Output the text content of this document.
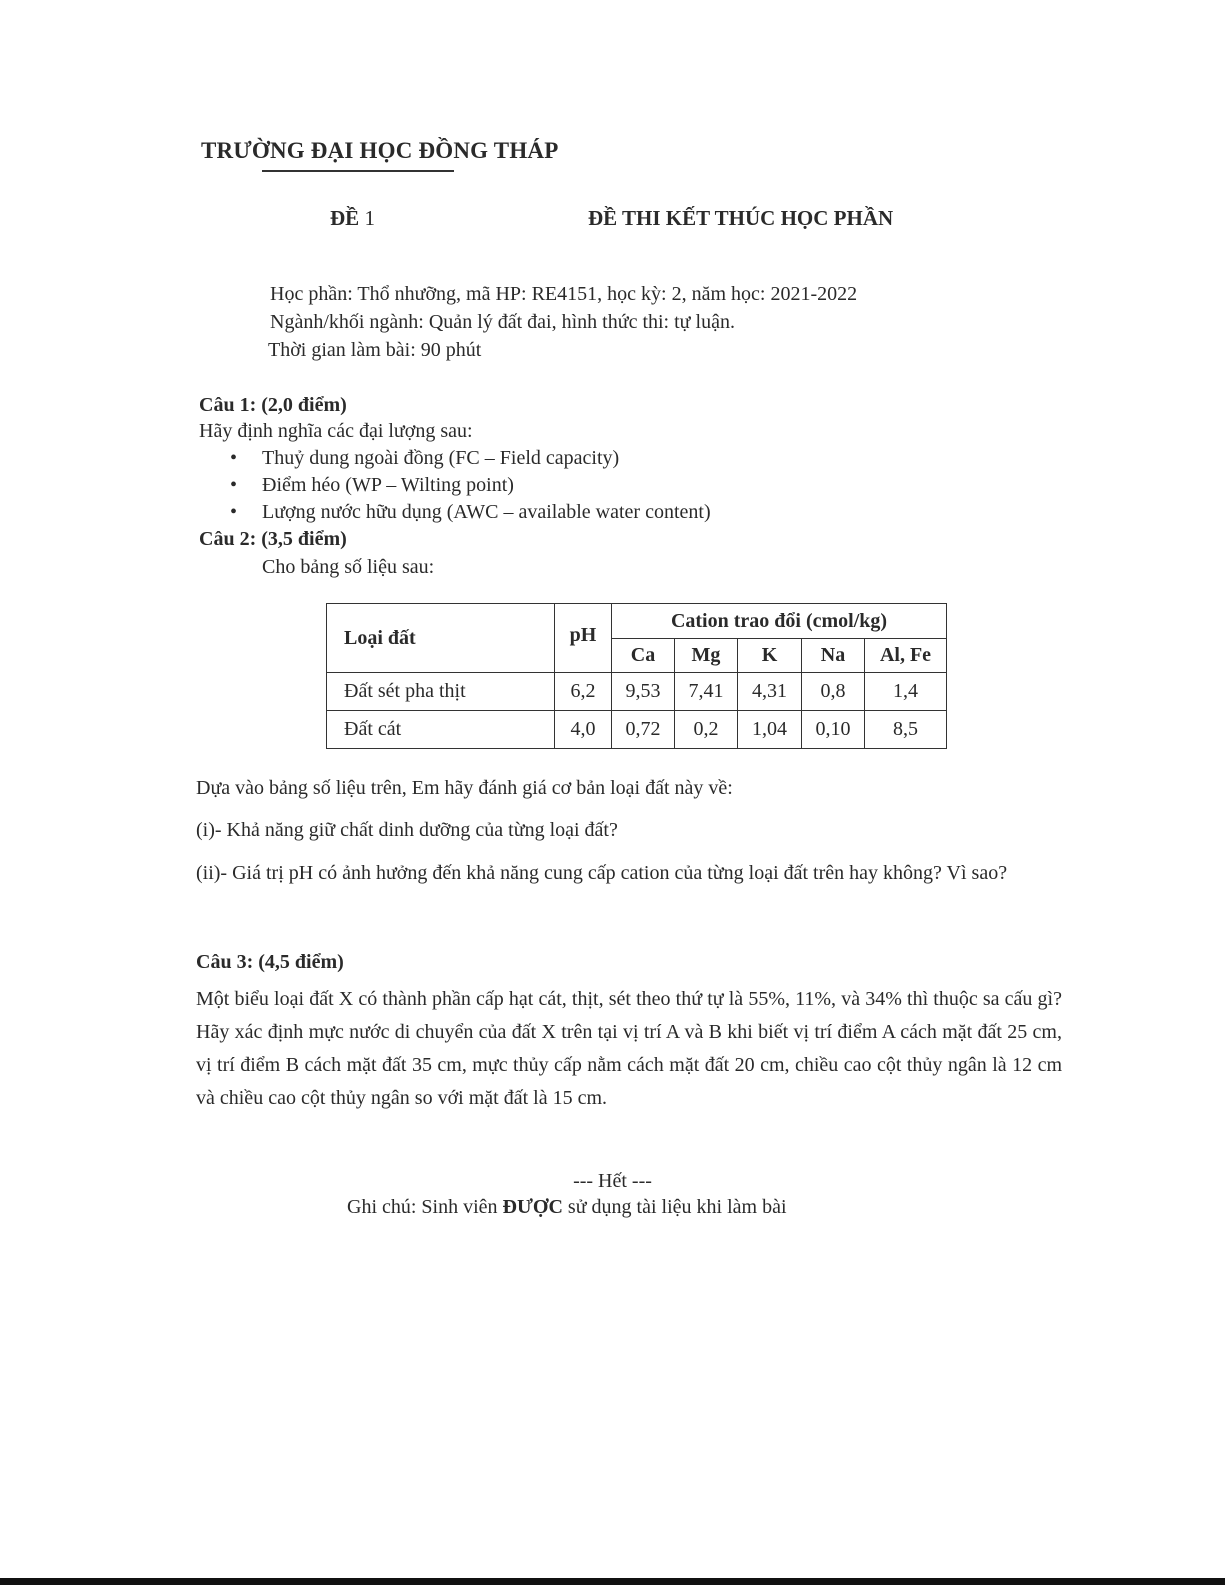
TRƯỜNG ĐẠI HỌC ĐỒNG THÁP
ĐỀ 1	ĐỀ THI KẾT THÚC HỌC PHẦN
Học phần: Thổ nhưỡng, mã HP: RE4151, học kỳ: 2, năm học: 2021-2022
Ngành/khối ngành: Quản lý đất đai, hình thức thi: tự luận.
Thời gian làm bài: 90 phút
Câu 1: (2,0 điểm)
Hãy định nghĩa các đại lượng sau:
• Thuỷ dung ngoài đồng (FC – Field capacity)
• Điểm héo (WP – Wilting point)
• Lượng nước hữu dụng (AWC – available water content)
Câu 2: (3,5 điểm)
Cho bảng số liệu sau:
Loại đất	pH	Cation trao đổi (cmol/kg)				
		Ca	Mg	K	Na	Al, Fe
Đất sét pha thịt	6,2	9,53	7,41	4,31	0,8	1,4
Đất cát	4,0	0,72	0,2	1,04	0,10	8,5
Dựa vào bảng số liệu trên, Em hãy đánh giá cơ bản loại đất này về:
(i)- Khả năng giữ chất dinh dưỡng của từng loại đất?
(ii)- Giá trị pH có ảnh hưởng đến khả năng cung cấp cation của từng loại đất trên hay không? Vì sao?
Câu 3: (4,5 điểm)
Một biểu loại đất X có thành phần cấp hạt cát, thịt, sét theo thứ tự là 55%, 11%, và 34% thì thuộc sa cấu gì? Hãy xác định mực nước di chuyển của đất X trên tại vị trí A và B khi biết vị trí điểm A cách mặt đất 25 cm, vị trí điểm B cách mặt đất 35 cm, mực thủy cấp nằm cách mặt đất 20 cm, chiều cao cột thủy ngân là 12 cm và chiều cao cột thủy ngân so với mặt đất là 15 cm.
--- Hết ---
Ghi chú: Sinh viên ĐƯỢC sử dụng tài liệu khi làm bài
